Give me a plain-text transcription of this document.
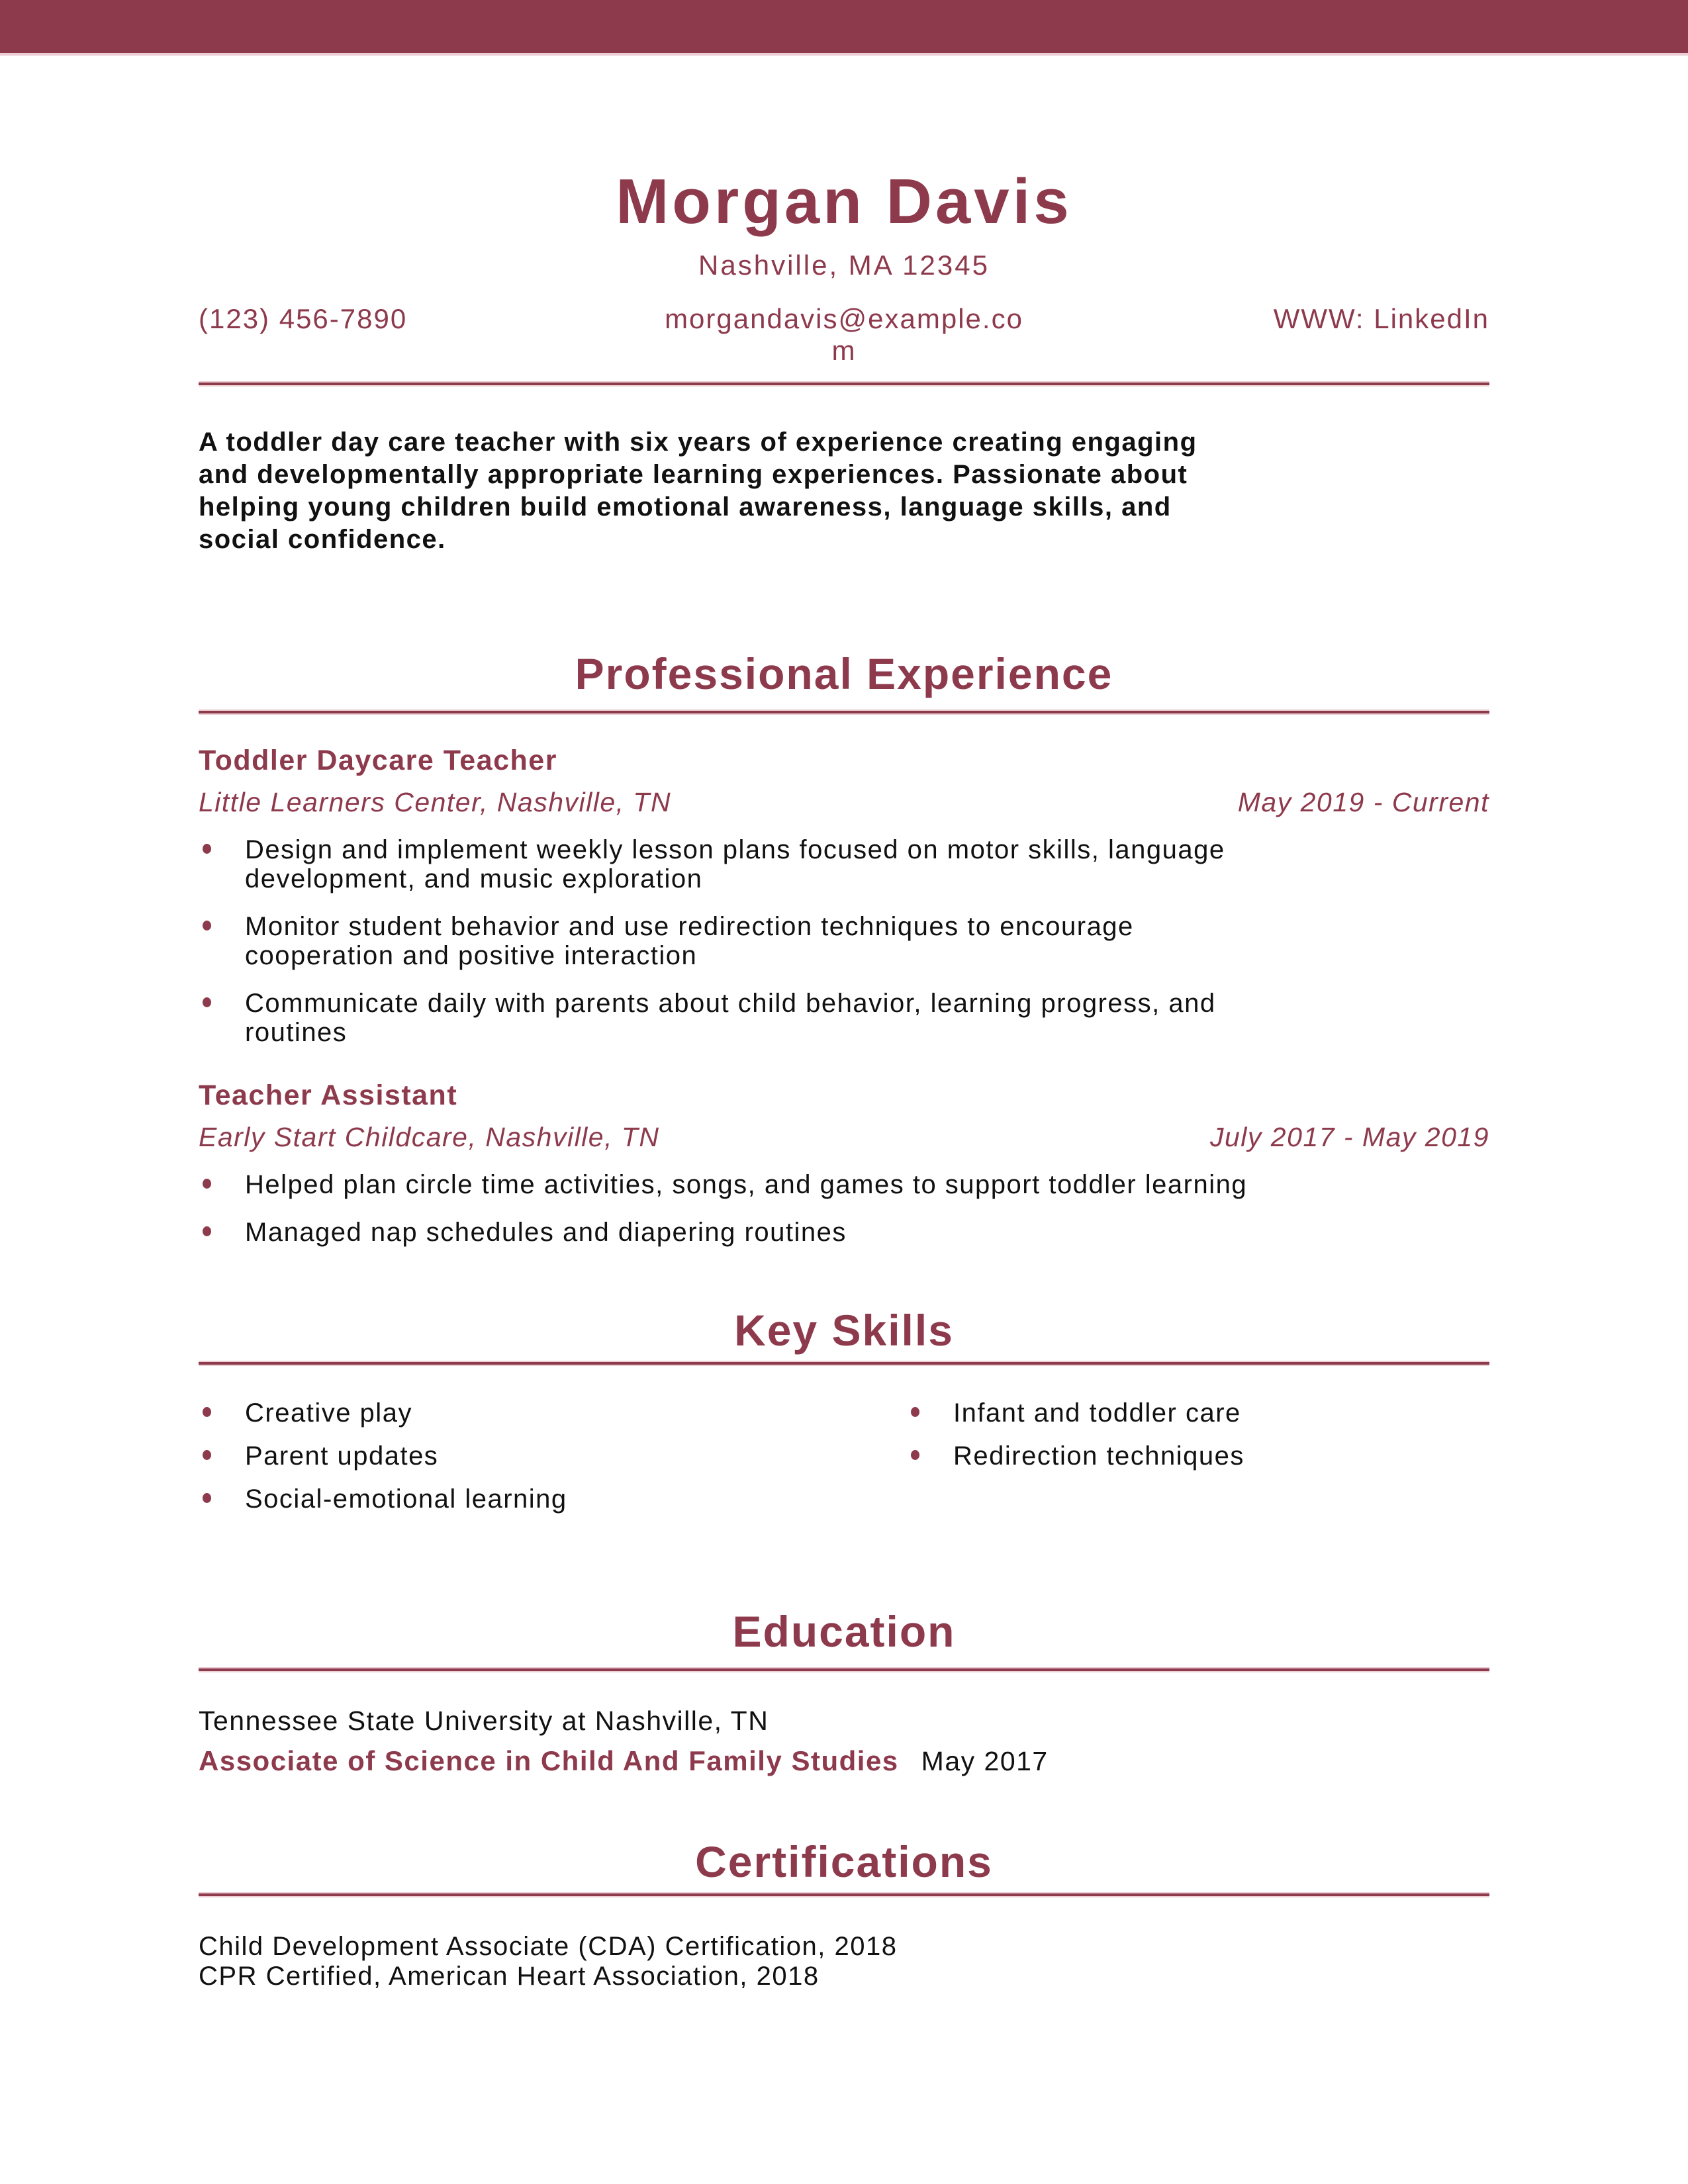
Morgan Davis
Nashville, MA 12345
(123) 456-7890	morgandavis@example.co
m
WWW: LinkedIn
A toddler day care teacher with six years of experience creating engaging
and developmentally appropriate learning experiences. Passionate about
helping young children build emotional awareness, language skills, and
social confidence.
Professional Experience
Toddler Daycare Teacher
Little Learners Center, Nashville, TN	May 2019 - Current
Design and implement weekly lesson plans focused on motor skills, language
development, and music exploration
Monitor student behavior and use redirection techniques to encourage
cooperation and positive interaction
Communicate daily with parents about child behavior, learning progress, and
routines
Teacher Assistant
Early Start Childcare, Nashville, TN	July 2017 - May 2019
Helped plan circle time activities, songs, and games to support toddler learning
Managed nap schedules and diapering routines
Key Skills
Creative play
Parent updates
Social-emotional learning
Infant and toddler care
Redirection techniques
Education
Tennessee State University at Nashville, TN
Associate of Science in Child And Family Studies May 2017
Certifications
Child Development Associate (CDA) Certification, 2018
CPR Certified, American Heart Association, 2018
